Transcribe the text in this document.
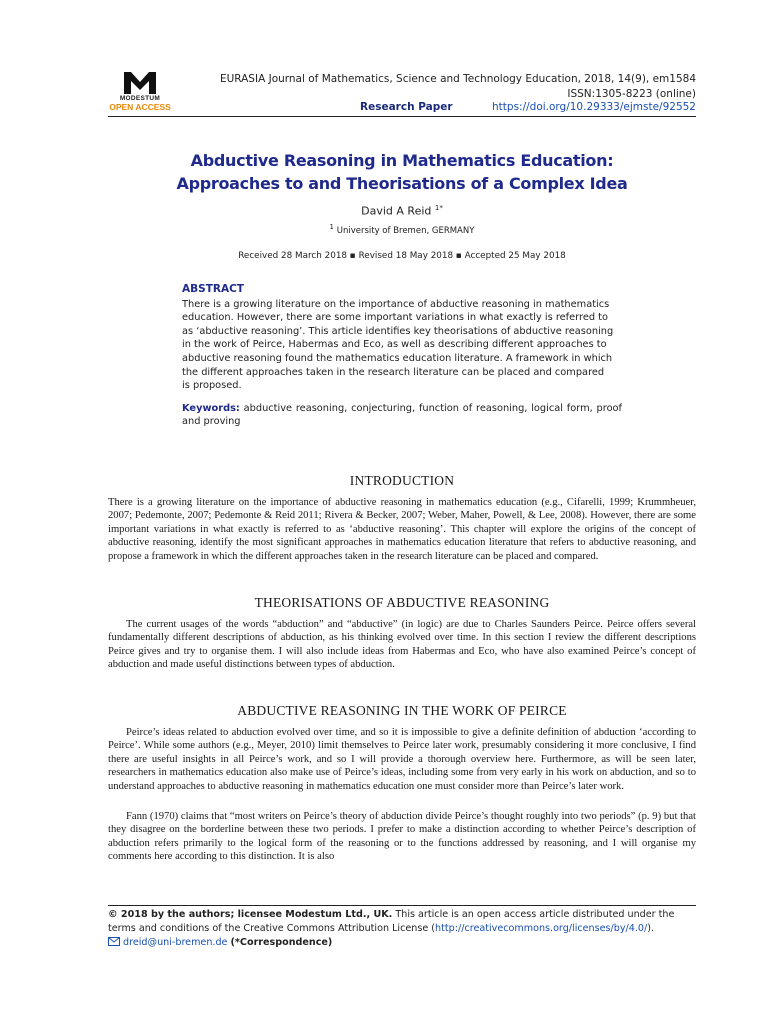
MODESTUM
OPEN ACCESS
EURASIA Journal of Mathematics, Science and Technology Education, 2018, 14(9), em1584
ISSN:1305-8223 (online)
Research Paper	https://doi.org/10.29333/ejmste/92552
Abductive Reasoning in Mathematics Education:
Approaches to and Theorisations of a Complex Idea
David A Reid $^{1*}$
$^1$ University of Bremen, GERMANY
Received 28 March 2018 ▪ Revised 18 May 2018 ▪ Accepted 25 May 2018
ABSTRACT
There is a growing literature on the importance of abductive reasoning in mathematics
education. However, there are some important variations in what exactly is referred to
as ‘abductive reasoning’. This article identifies key theorisations of abductive reasoning
in the work of Peirce, Habermas and Eco, as well as describing different approaches to
abductive reasoning found the mathematics education literature. A framework in which
the different approaches taken in the research literature can be placed and compared
is proposed.
Keywords: abductive reasoning, conjecturing, function of reasoning, logical form, proof and proving
INTRODUCTION
There is a growing literature on the importance of abductive reasoning in mathematics education (e.g., Cifarelli, 1999; Krummheuer, 2007; Pedemonte, 2007; Pedemonte & Reid 2011; Rivera & Becker, 2007; Weber, Maher, Powell, & Lee, 2008). However, there are some important variations in what exactly is referred to as ‘abductive reasoning’. This chapter will explore the origins of the concept of abductive reasoning, identify the most significant approaches in mathematics education literature that refers to abductive reasoning, and propose a framework in which the different approaches taken in the research literature can be placed and compared.
THEORISATIONS OF ABDUCTIVE REASONING
The current usages of the words “abduction” and “abductive” (in logic) are due to Charles Saunders Peirce. Peirce offers several fundamentally different descriptions of abduction, as his thinking evolved over time. In this section I review the different descriptions Peirce gives and try to organise them. I will also include ideas from Habermas and Eco, who have also examined Peirce’s concept of abduction and made useful distinctions between types of abduction.
ABDUCTIVE REASONING IN THE WORK OF PEIRCE
Peirce’s ideas related to abduction evolved over time, and so it is impossible to give a definite definition of abduction ‘according to Peirce’. While some authors (e.g., Meyer, 2010) limit themselves to Peirce later work, presumably considering it more conclusive, I find there are useful insights in all Peirce’s work, and so I will provide a thorough overview here. Furthermore, as will be seen later, researchers in mathematics education also make use of Peirce’s ideas, including some from very early in his work on abduction, and so to understand approaches to abductive reasoning in mathematics education one must consider more than Peirce’s later work.
Fann (1970) claims that “most writers on Peirce’s theory of abduction divide Peirce’s thought roughly into two periods” (p. 9) but that they disagree on the borderline between these two periods. I prefer to make a distinction according to whether Peirce’s description of abduction refers primarily to the logical form of the reasoning or to the functions addressed by reasoning, and I will organise my comments here according to this distinction. It is also
© 2018 by the authors; licensee Modestum Ltd., UK. This article is an open access article distributed under the terms and conditions of the Creative Commons Attribution License (http://creativecommons.org/licenses/by/4.0/).
dreid@uni-bremen.de (*Correspondence)
